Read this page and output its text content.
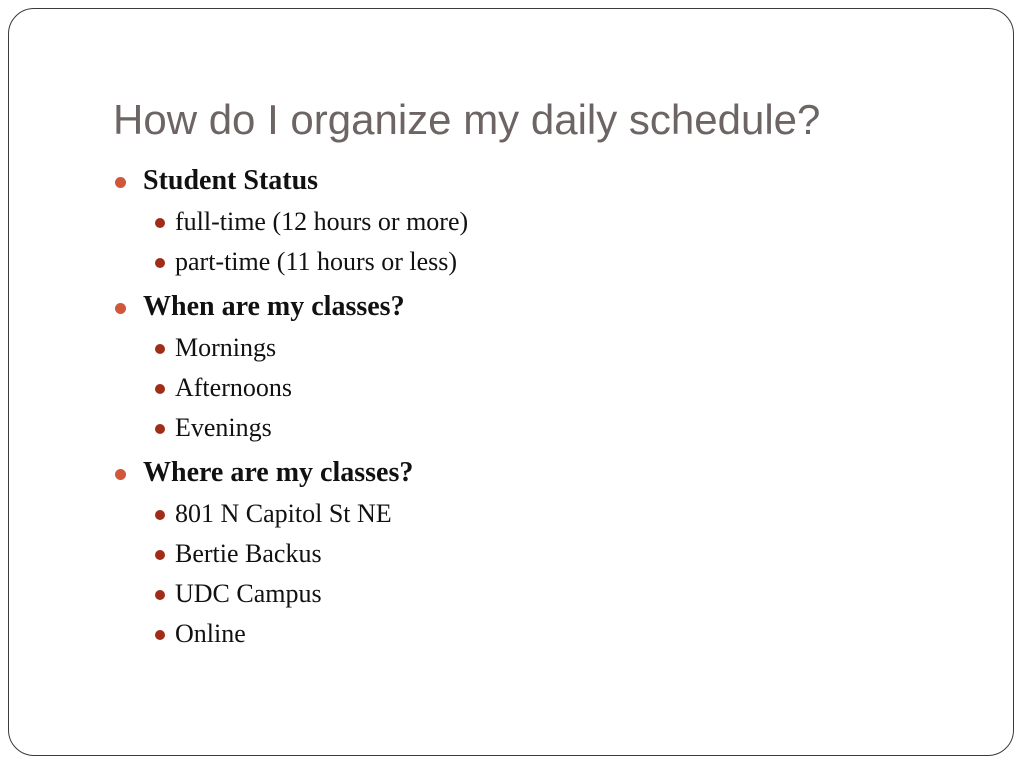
How do I organize my daily schedule?
Student Status
full-time (12 hours or more)
part-time (11 hours or less)
When are my classes?
Mornings
Afternoons
Evenings
Where are my classes?
801 N Capitol St NE
Bertie Backus
UDC Campus
Online
